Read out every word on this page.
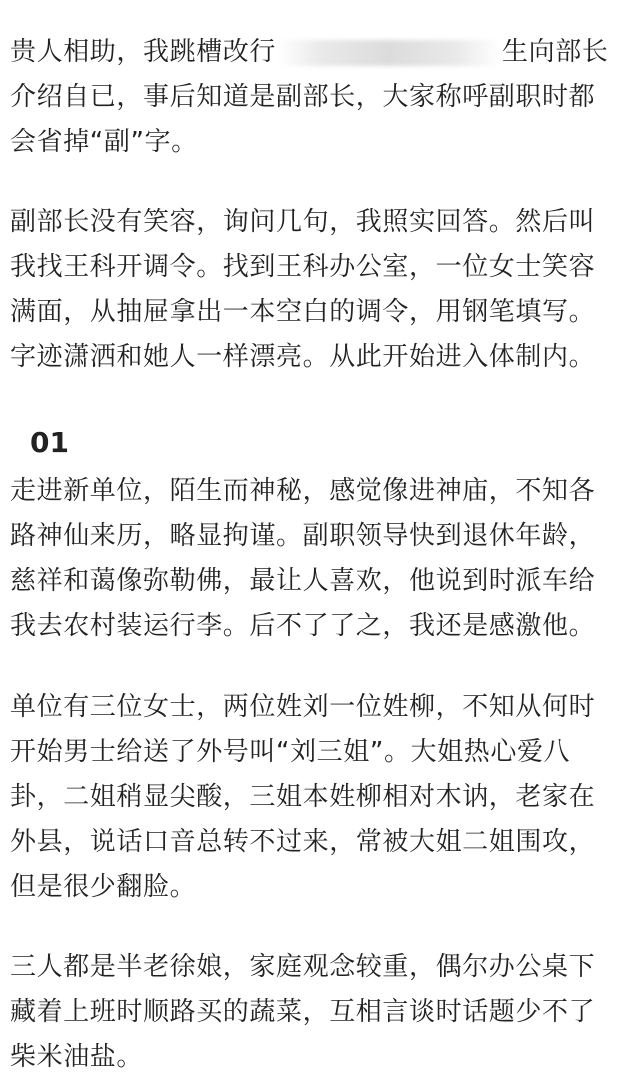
贵人相助，我跳槽改行	生向部长
介绍自已，事后知道是副部长，大家称呼副职时都
会省掉“副”字。
副部长没有笑容，询问几句，我照实回答。然后叫
我找王科开调令。找到王科办公室，一位女士笑容
满面，从抽屉拿出一本空白的调令，用钢笔填写。
字迹潇洒和她人一样漂亮。从此开始进入体制内。
01
走进新单位，陌生而神秘，感觉像进神庙，不知各
路神仙来历，略显拘谨。副职领导快到退休年龄，
慈祥和蔼像弥勒佛，最让人喜欢，他说到时派车给
我去农村装运行李。后不了了之，我还是感激他。
单位有三位女士，两位姓刘一位姓柳，不知从何时
开始男士给送了外号叫“刘三姐”。大姐热心爱八
卦，二姐稍显尖酸，三姐本姓柳相对木讷，老家在
外县，说话口音总转不过来，常被大姐二姐围攻，
但是很少翻脸。
三人都是半老徐娘，家庭观念较重，偶尔办公桌下
藏着上班时顺路买的蔬菜，互相言谈时话题少不了
柴米油盐。
